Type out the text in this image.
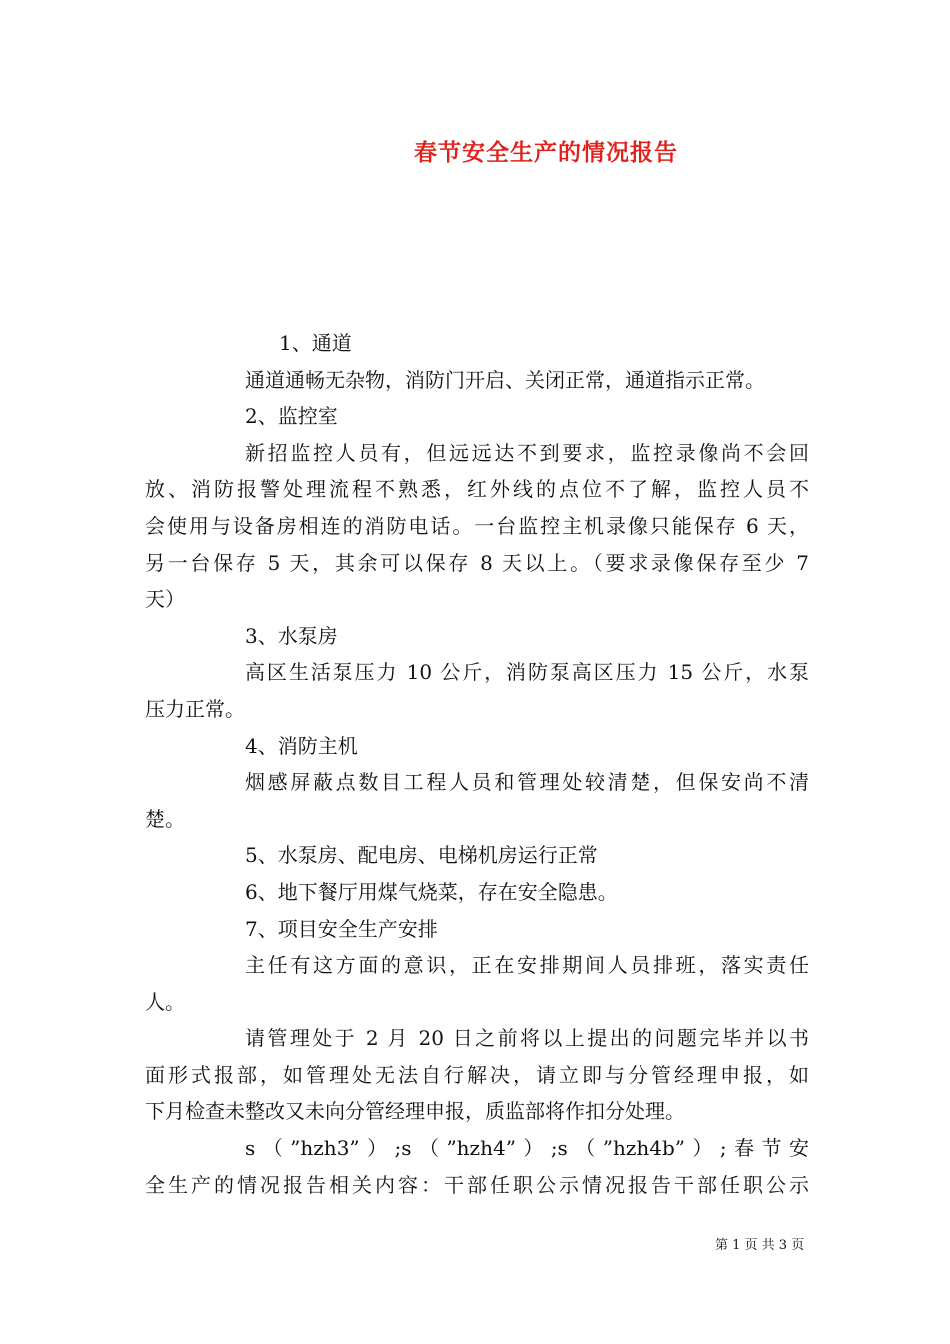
春节安全生产的情况报告
1、通道
通道通畅无杂物，消防门开启、关闭正常，通道指示正常。
2、监控室
新招监控人员有，但远远达不到要求，监控录像尚不会回
放、消防报警处理流程不熟悉，红外线的点位不了解，监控人员不
会使用与设备房相连的消防电话。一台监控主机录像只能保存 6 天，
另一台保存 5 天，其余可以保存 8 天以上。（要求录像保存至少 7
天）
3、水泵房
高区生活泵压力 10 公斤，消防泵高区压力 15 公斤，水泵
压力正常。
4、消防主机
烟感屏蔽点数目工程人员和管理处较清楚，但保安尚不清
楚。
5、水泵房、配电房、电梯机房运行正常
6、地下餐厅用煤气烧菜，存在安全隐患。
7、项目安全生产安排
主任有这方面的意识，正在安排期间人员排班，落实责任
人。
请管理处于 2 月 20 日之前将以上提出的问题完毕并以书
面形式报部，如管理处无法自行解决，请立即与分管经理申报，如
下月检查未整改又未向分管经理申报，质监部将作扣分处理。
s（”hzh3”）;s（”hzh4”）;s（”hzh4b”）;春节安
全生产的情况报告相关内容：干部任职公示情况报告干部任职公示
第 1 页 共 3 页
